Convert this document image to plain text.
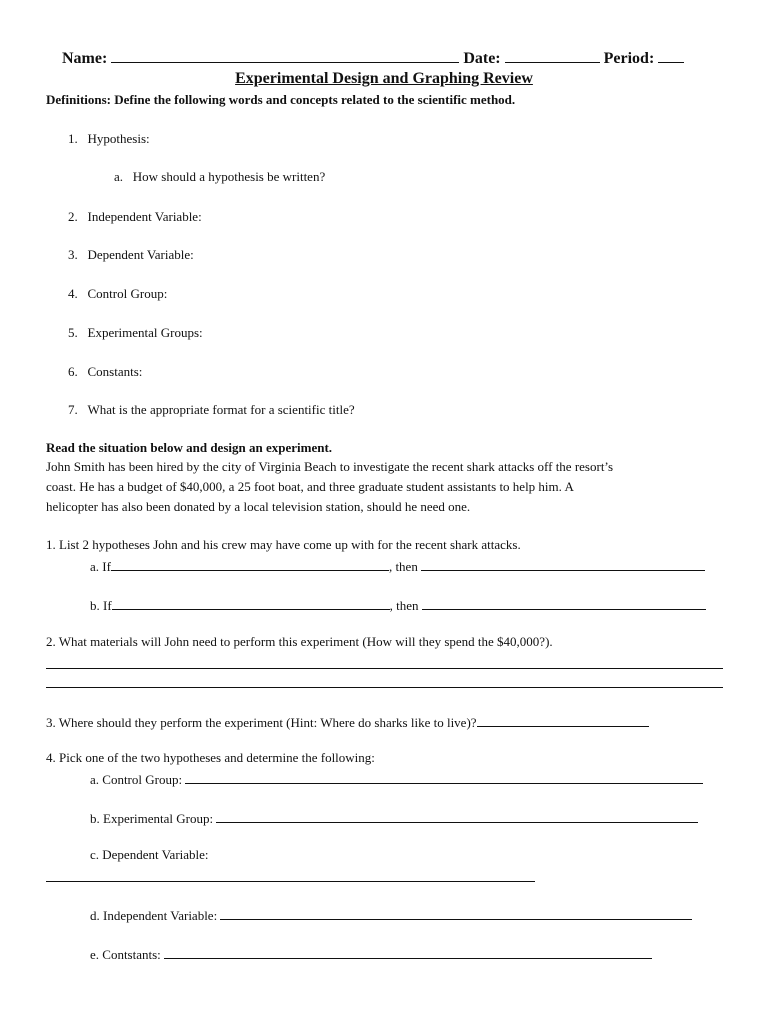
Name:	Date:	Period:
Experimental Design and Graphing Review
Definitions: Define the following words and concepts related to the scientific method.
1. Hypothesis:
a. How should a hypothesis be written?
2. Independent Variable:
3. Dependent Variable:
4. Control Group:
5. Experimental Groups:
6. Constants:
7. What is the appropriate format for a scientific title?
Read the situation below and design an experiment.
John Smith has been hired by the city of Virginia Beach to investigate the recent shark attacks off the resort’s
coast. He has a budget of $40,000, a 25 foot boat, and three graduate student assistants to help him. A
helicopter has also been donated by a local television station, should he need one.
1. List 2 hypotheses John and his crew may have come up with for the recent shark attacks.
a. If	, then
b. If	, then
2. What materials will John need to perform this experiment (How will they spend the $40,000?).
3. Where should they perform the experiment (Hint: Where do sharks like to live)?
4. Pick one of the two hypotheses and determine the following:
a. Control Group:
b. Experimental Group:
c. Dependent Variable:
d. Independent Variable:
e. Contstants:
